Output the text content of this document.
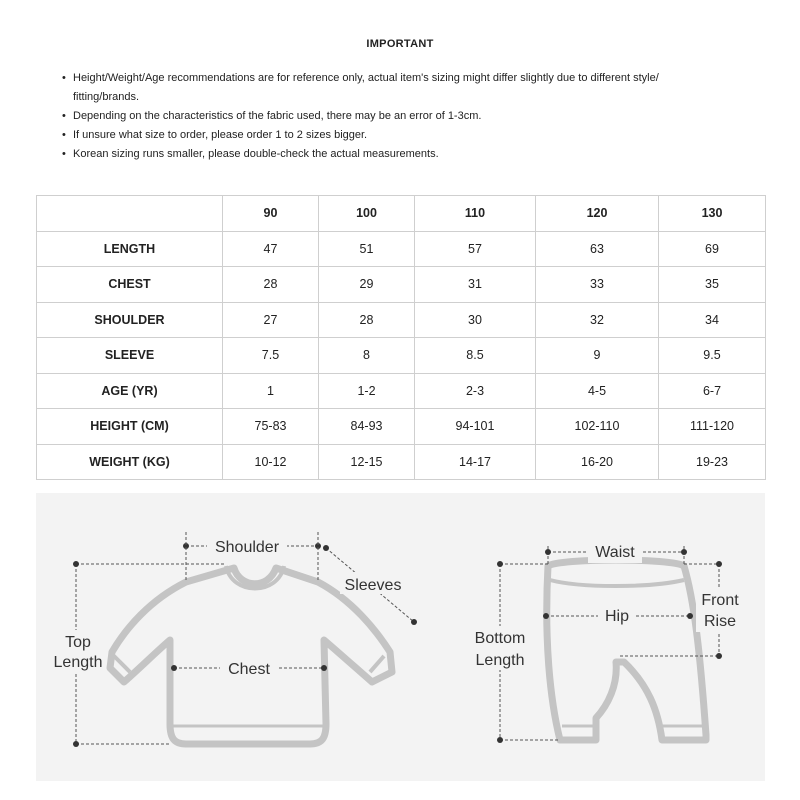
IMPORTANT
• Height/Weight/Age recommendations are for reference only, actual item's sizing might differ slightly due to different style/
fitting/brands.
• Depending on the characteristics of the fabric used, there may be an error of 1-3cm.
• If unsure what size to order, please order 1 to 2 sizes bigger.
• Korean sizing runs smaller, please double-check the actual measurements.
	90	100	110	120	130
LENGTH	47	51	57	63	69
CHEST	28	29	31	33	35
SHOULDER	27	28	30	32	34
SLEEVE	7.5	8	8.5	9	9.5
AGE (YR)	1	1-2	2-3	4-5	6-7
HEIGHT (CM)	75-83	84-93	94-101	102-110	111-120
WEIGHT (KG)	10-12	12-15	14-17	16-20	19-23
Shoulder
Sleeves
Top
Length	Chest
Waist
Hip
Front
Rise
Bottom
Length
